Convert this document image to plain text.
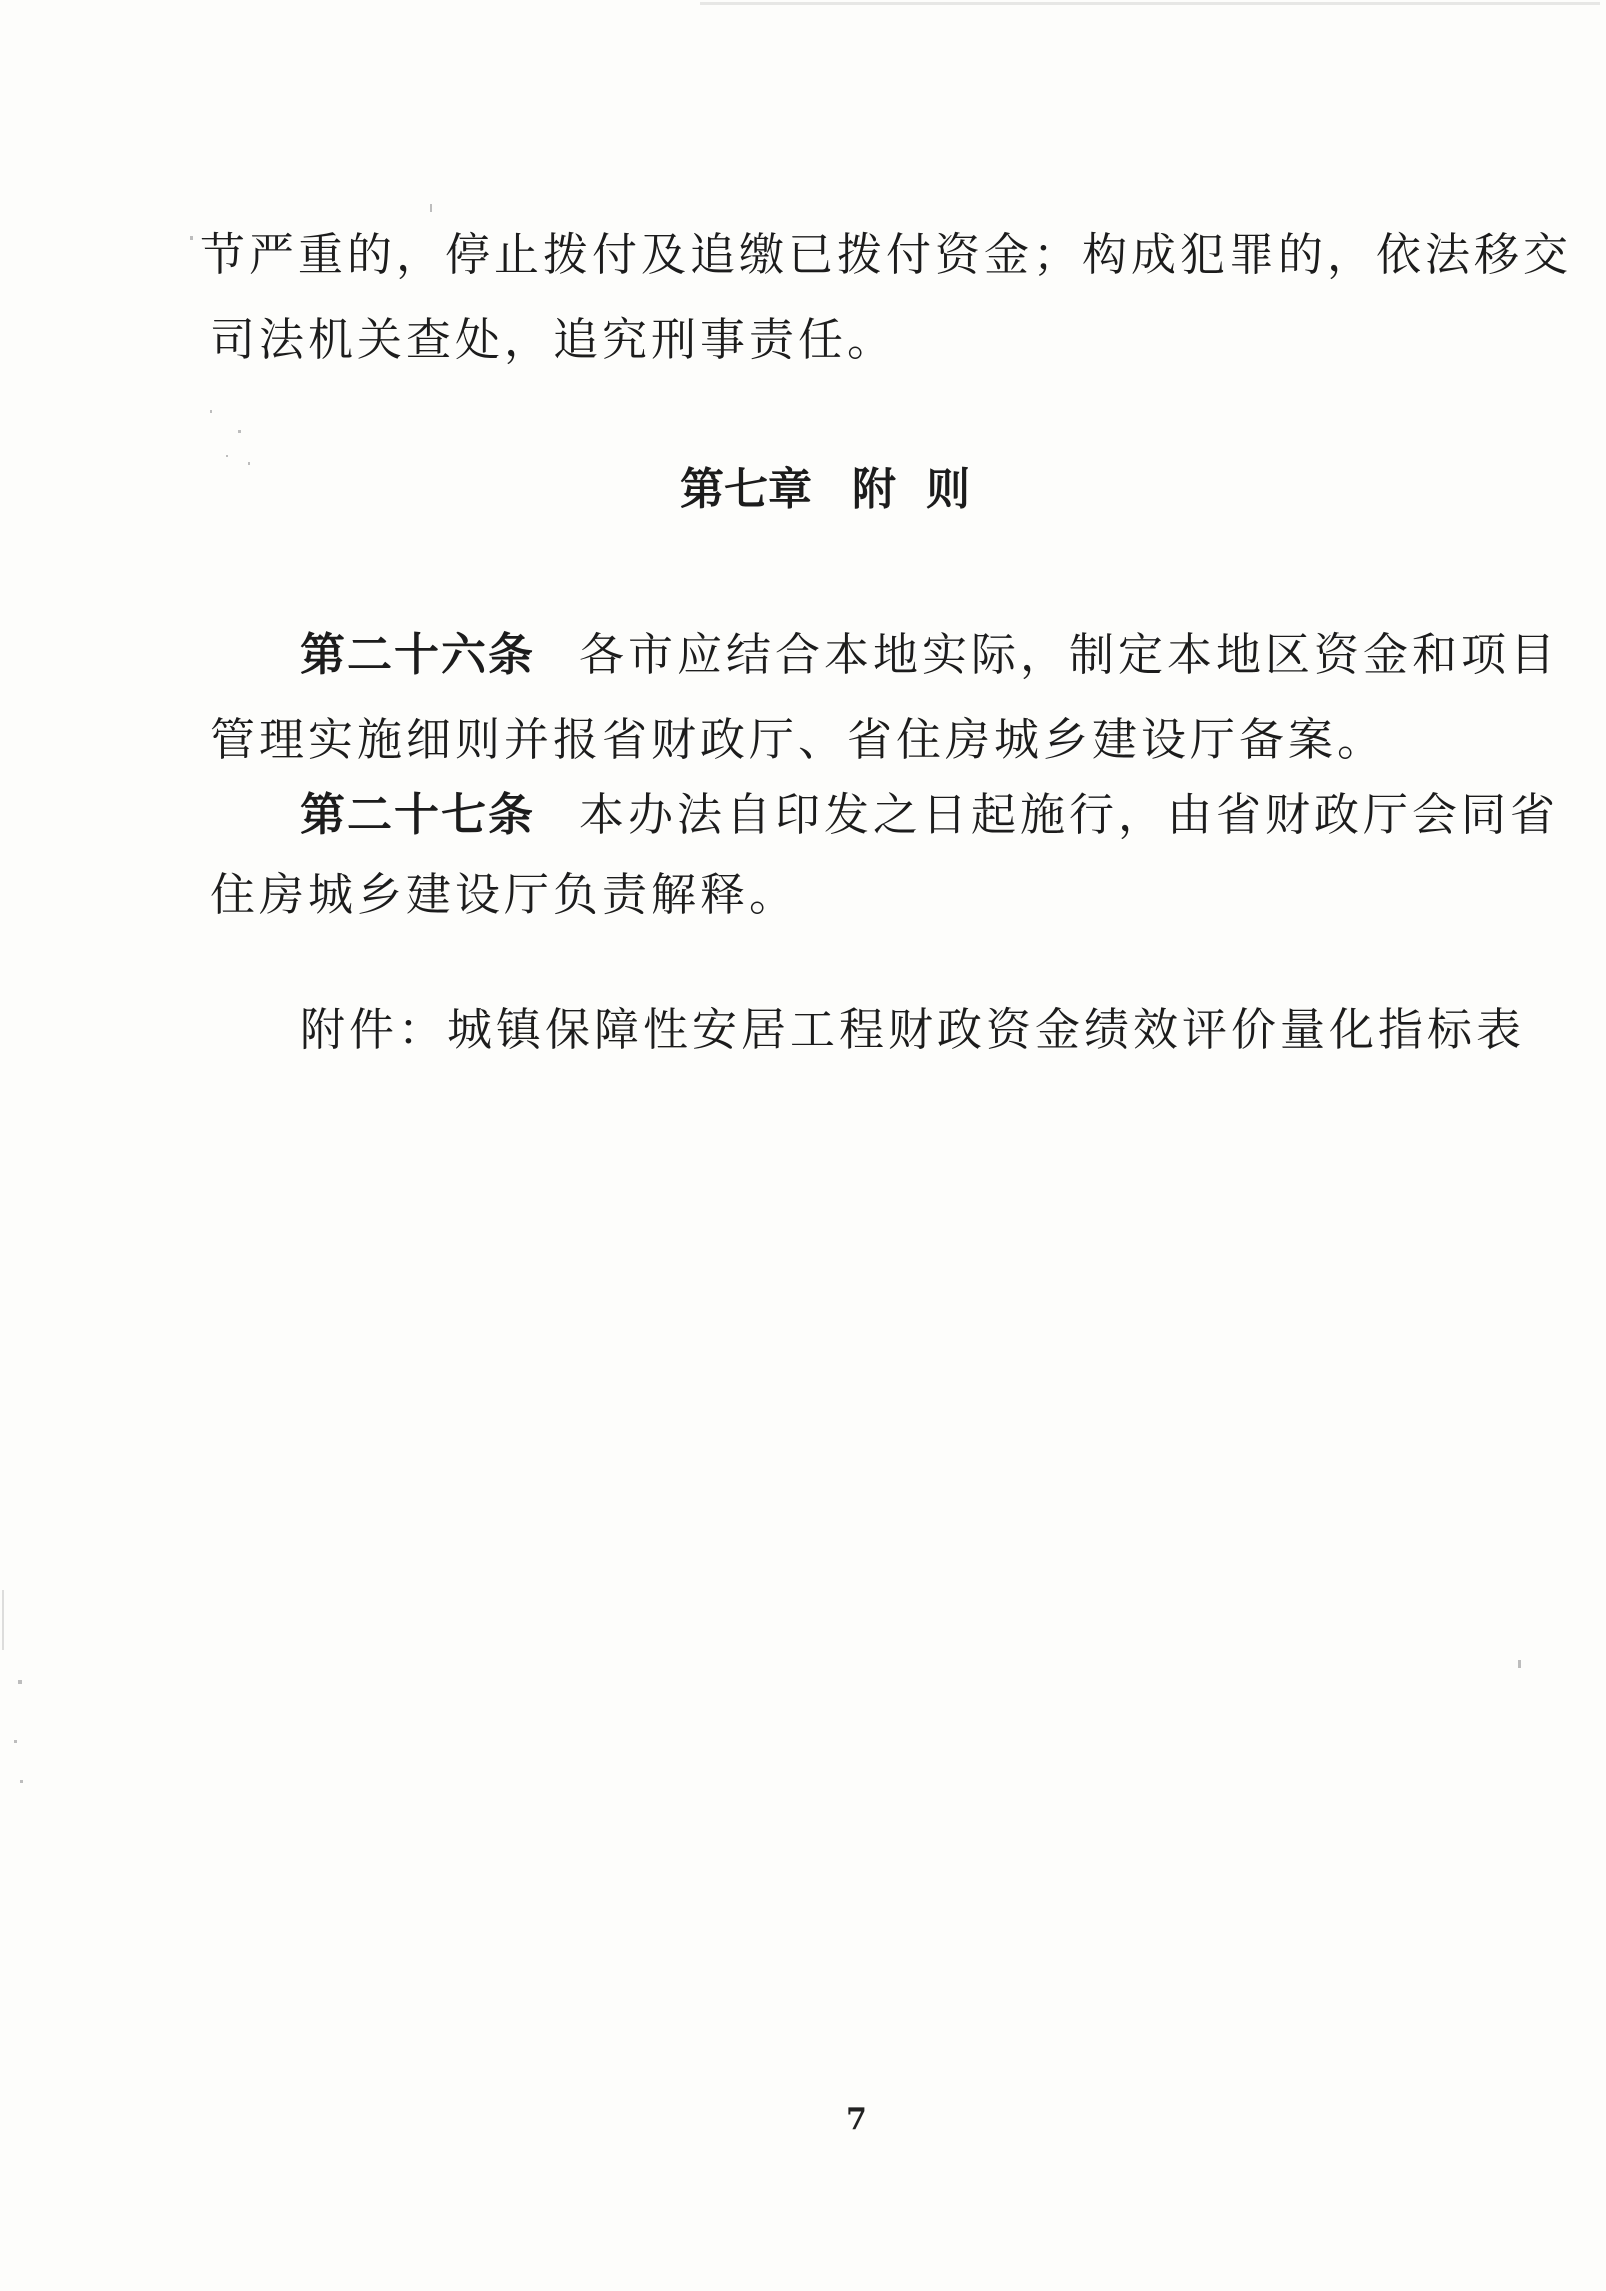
节严重的，停止拨付及追缴已拨付资金；构成犯罪的，依法移交
司法机关查处，追究刑事责任。
第七章 附 则
第二十六条 各市应结合本地实际，制定本地区资金和项目
管理实施细则并报省财政厅、省住房城乡建设厅备案。
第二十七条 本办法自印发之日起施行，由省财政厅会同省
住房城乡建设厅负责解释。
附件：城镇保障性安居工程财政资金绩效评价量化指标表
7
